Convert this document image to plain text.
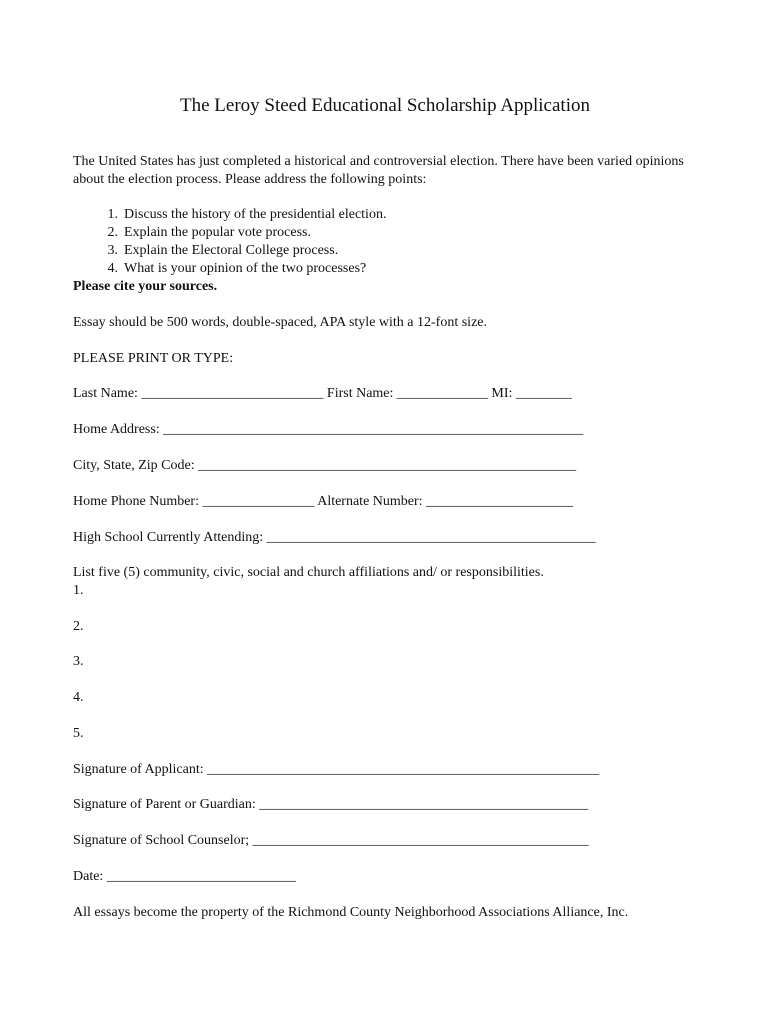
The Leroy Steed Educational Scholarship Application
The United States has just completed a historical and controversial election. There have been varied opinions about the election process. Please address the following points:
1. Discuss the history of the presidential election.
2. Explain the popular vote process.
3. Explain the Electoral College process.
4. What is your opinion of the two processes?
Please cite your sources.
Essay should be 500 words, double-spaced, APA style with a 12-font size.
PLEASE PRINT OR TYPE:
Last Name: __________________________ First Name: _____________ MI: ________
Home Address: ____________________________________________________________
City, State, Zip Code: ______________________________________________________
Home Phone Number: ________________ Alternate Number: _____________________
High School Currently Attending: _______________________________________________
List five (5) community, civic, social and church affiliations and/ or responsibilities.
1.
2.
3.
4.
5.
Signature of Applicant: ________________________________________________________
Signature of Parent or Guardian: _______________________________________________
Signature of School Counselor; ________________________________________________
Date: ___________________________
All essays become the property of the Richmond County Neighborhood Associations Alliance, Inc.
